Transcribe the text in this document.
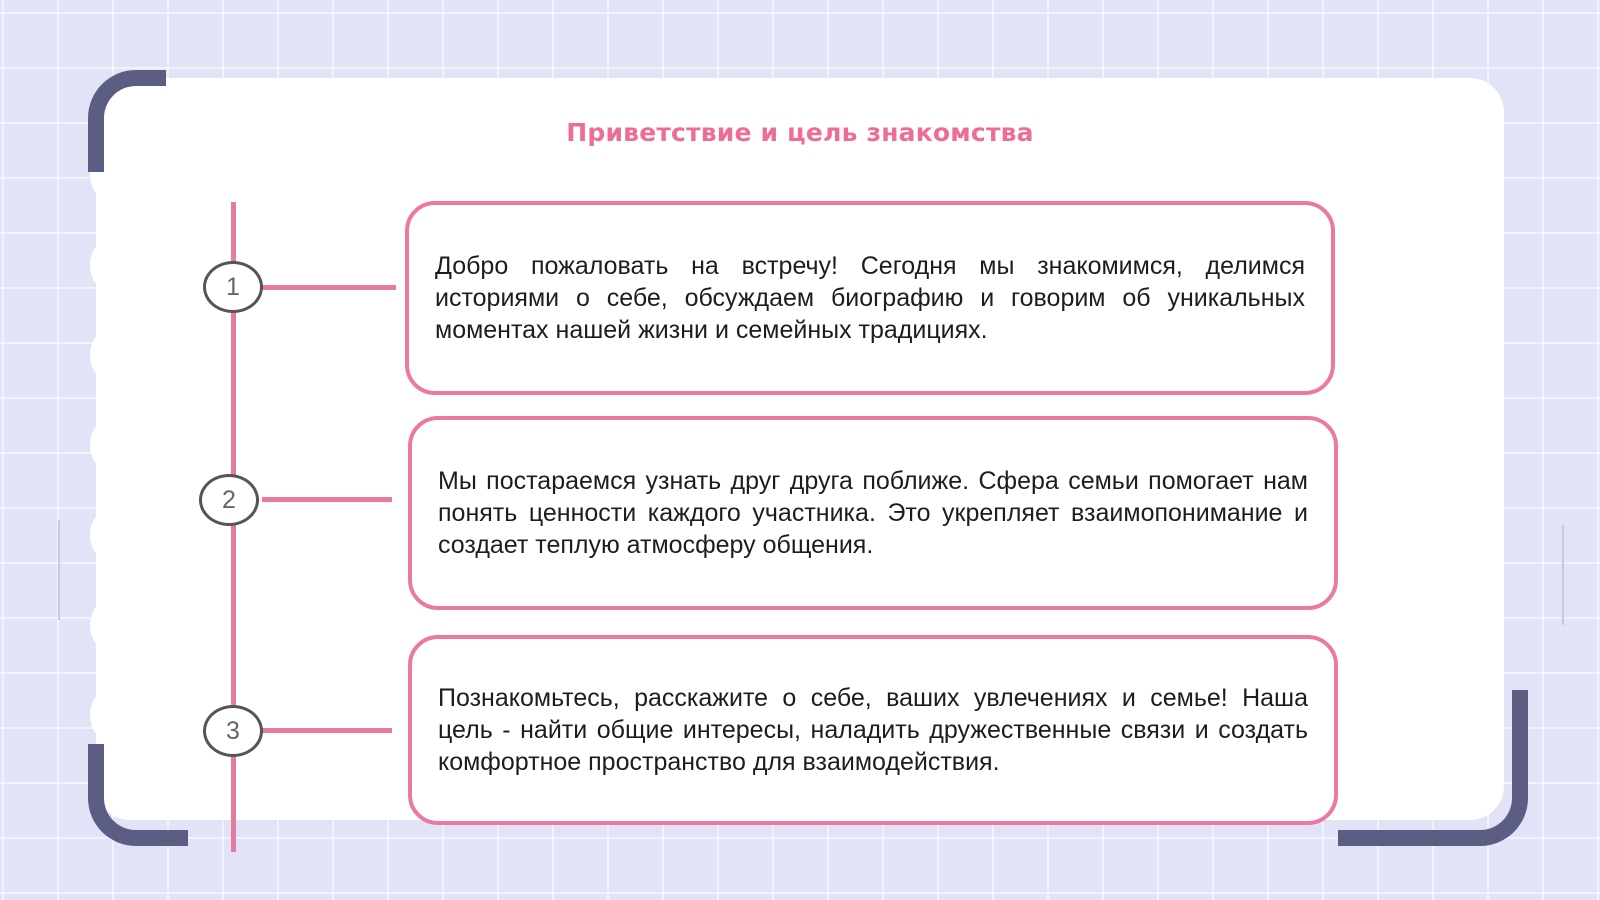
Приветствие и цель знакомства
1

Добро пожаловать на встречу! Сегодня мы знакомимся, делимся историями о себе, обсуждаем биографию и говорим об уникальных моментах нашей жизни и семейных традициях.

2

Мы постараемся узнать друг друга поближе. Сфера семьи помогает нам понять ценности каждого участника. Это укрепляет взаимопонимание и создает теплую атмосферу общения.

3

Познакомьтесь, расскажите о себе, ваших увлечениях и семье! Наша цель - найти общие интересы, наладить дружественные связи и создать комфортное пространство для взаимодействия.
